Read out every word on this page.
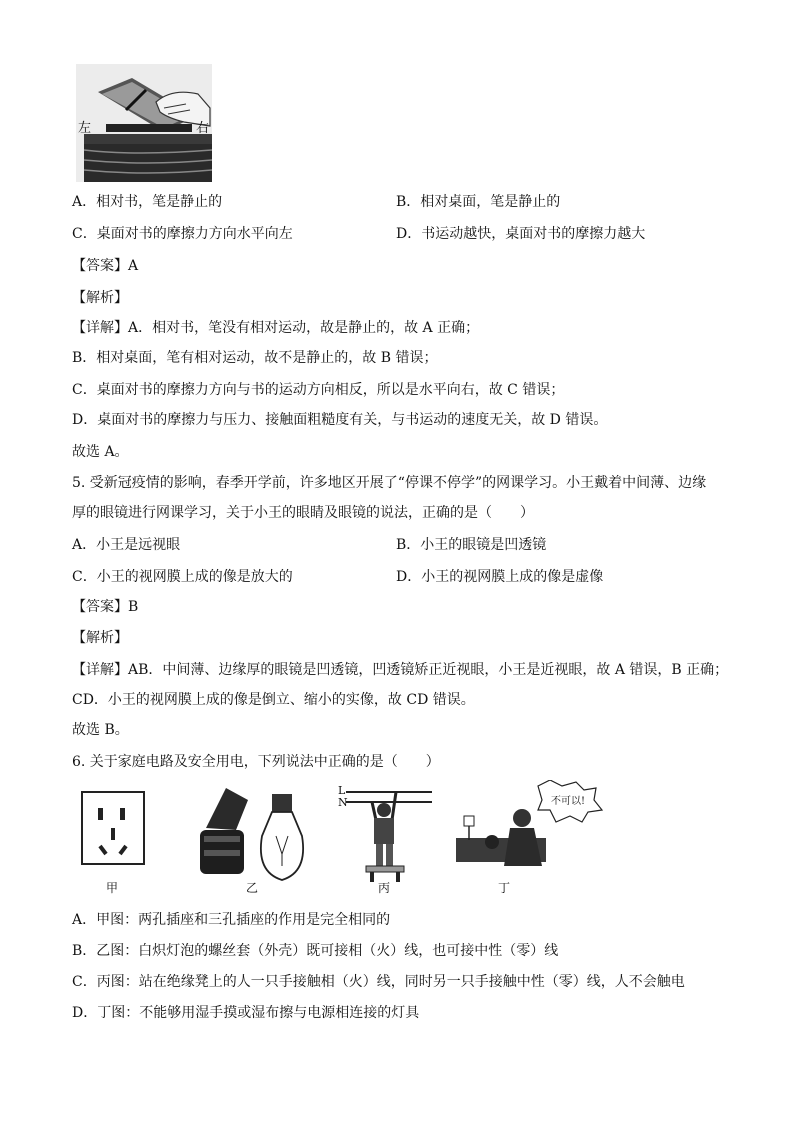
左	右
A．相对书，笔是静止的	B．相对桌面，笔是静止的
C．桌面对书的摩擦力方向水平向左	D．书运动越快，桌面对书的摩擦力越大
【答案】A
【解析】
【详解】A．相对书，笔没有相对运动，故是静止的，故 A 正确；
B．相对桌面，笔有相对运动，故不是静止的，故 B 错误；
C．桌面对书的摩擦力方向与书的运动方向相反，所以是水平向右，故 C 错误；
D．桌面对书的摩擦力与压力、接触面粗糙度有关，与书运动的速度无关，故 D 错误。
故选 A。
5. 受新冠疫情的影响，春季开学前，许多地区开展了“停课不停学”的网课学习。小王戴着中间薄、边缘
厚的眼镜进行网课学习，关于小王的眼睛及眼镜的说法，正确的是（　　）
A．小王是远视眼	B．小王的眼镜是凹透镜
C．小王的视网膜上成的像是放大的	D．小王的视网膜上成的像是虚像
【答案】B
【解析】
【详解】AB．中间薄、边缘厚的眼镜是凹透镜，凹透镜矫正近视眼，小王是近视眼，故 A 错误，B 正确；
CD．小王的视网膜上成的像是倒立、缩小的实像，故 CD 错误。
故选 B。
6. 关于家庭电路及安全用电，下列说法中正确的是（　　）
甲	乙
L
N
丙
不可以!
丁
A．甲图：两孔插座和三孔插座的作用是完全相同的
B．乙图：白炽灯泡的螺丝套（外壳）既可接相（火）线，也可接中性（零）线
C．丙图：站在绝缘凳上的人一只手接触相（火）线，同时另一只手接触中性（零）线，人不会触电
D．丁图：不能够用湿手摸或湿布擦与电源相连接的灯具
